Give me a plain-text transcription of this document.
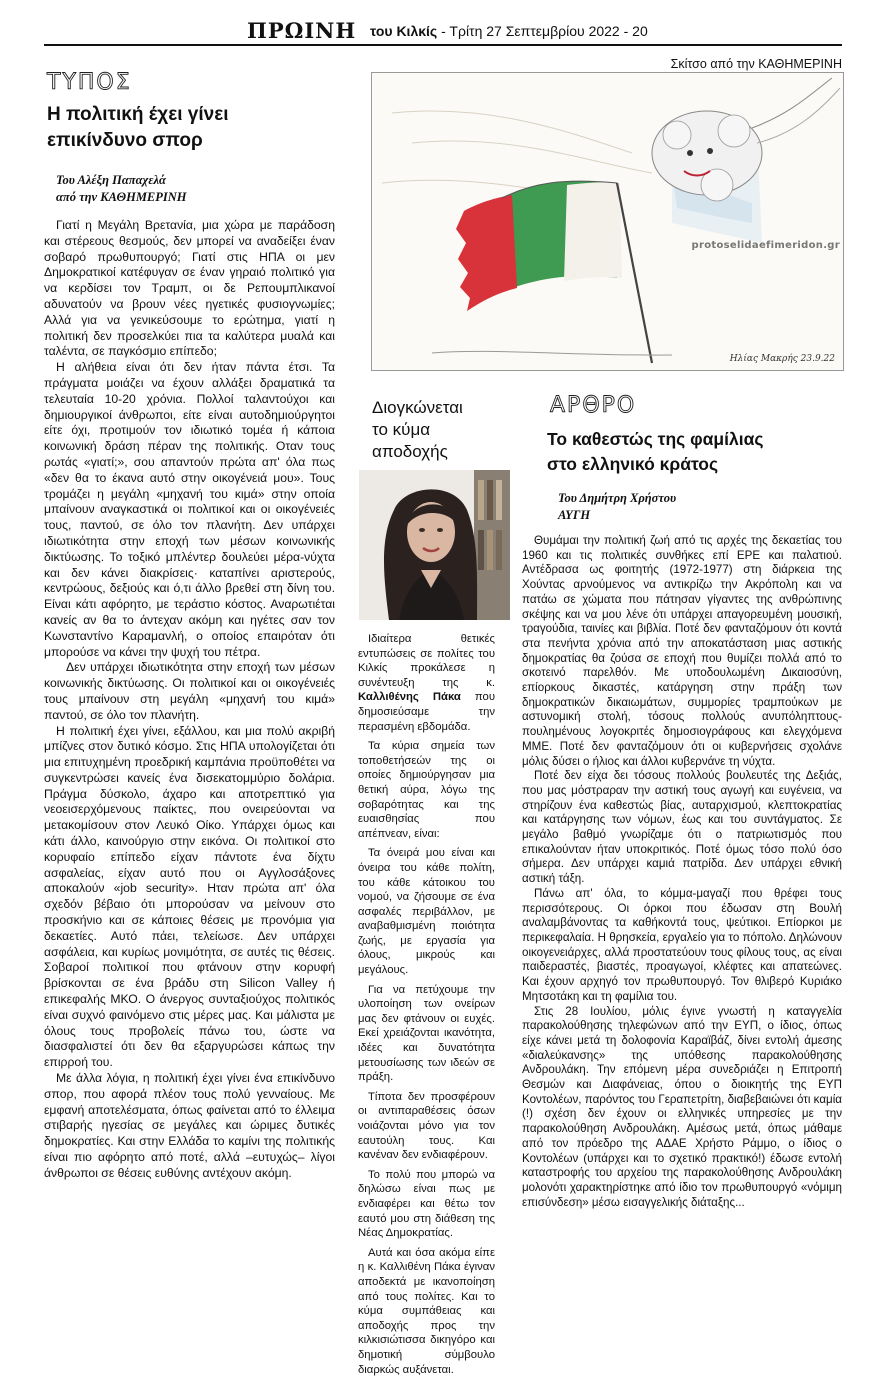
ΠΡΩΙΝΗ του Κιλκίς - Τρίτη 27 Σεπτεμβρίου 2022 - 20
Σκίτσο από την ΚΑΘΗΜΕΡΙΝΗ
ΤΥΠΟΣ
Η πολιτική έχει γίνει
επικίνδυνο σπορ
Του Αλέξη Παπαχελά
από την ΚΑΘΗΜΕΡΙΝΗ

Γιατί η Μεγάλη Βρετανία, μια χώρα με παράδοση και στέρεους θεσμούς, δεν μπορεί να αναδείξει έναν σοβαρό πρωθυπουργό; Γιατί στις ΗΠΑ οι μεν Δημοκρατικοί κατέφυγαν σε έναν γηραιό πολιτικό για να κερδίσει τον Τραμπ, οι δε Ρεπουμπλικανοί αδυνατούν να βρουν νέες ηγετικές φυσιογνωμίες; Αλλά για να γενικεύσουμε το ερώτημα, γιατί η πολιτική δεν προσελκύει πια τα καλύτερα μυαλά και ταλέντα, σε παγκόσμιο επίπεδο;

Η αλήθεια είναι ότι δεν ήταν πάντα έτσι. Τα πράγματα μοιάζει να έχουν αλλάξει δραματικά τα τελευταία 10-20 χρόνια. Πολλοί ταλαντούχοι και δημιουργικοί άνθρωποι, είτε είναι αυτοδημιούργητοι είτε όχι, προτιμούν τον ιδιωτικό τομέα ή κάποια κοινωνική δράση πέραν της πολιτικής. Οταν τους ρωτάς «γιατί;», σου απαντούν πρώτα απ' όλα πως «δεν θα το έκανα αυτό στην οικογένειά μου». Τους τρομάζει η μεγάλη «μηχανή του κιμά» στην οποία μπαίνουν αναγκαστικά οι πολιτικοί και οι οικογένειές τους, παντού, σε όλο τον πλανήτη. Δεν υπάρχει ιδιωτικότητα στην εποχή των μέσων κοινωνικής δικτύωσης. Το τοξικό μπλέντερ δουλεύει μέρα-νύχτα και δεν κάνει διακρίσεις· καταπίνει αριστερούς, κεντρώους, δεξιούς και ό,τι άλλο βρεθεί στη δίνη του. Είναι κάτι αφόρητο, με τεράστιο κόστος. Αναρωτιέται κανείς αν θα το άντεχαν ακόμη και ηγέτες σαν τον Κωνσταντίνο Καραμανλή, ο οποίος επαιρόταν ότι μπορούσε να κάνει την ψυχή του πέτρα.

Δεν υπάρχει ιδιωτικότητα στην εποχή των μέσων κοινωνικής δικτύωσης. Οι πολιτικοί και οι οικογένειές τους μπαίνουν στη μεγάλη «μηχανή του κιμά» παντού, σε όλο τον πλανήτη.

Η πολιτική έχει γίνει, εξάλλου, και μια πολύ ακριβή μπίζνες στον δυτικό κόσμο. Στις ΗΠΑ υπολογίζεται ότι μια επιτυχημένη προεδρική καμπάνια προϋποθέτει να συγκεντρώσει κανείς ένα δισεκατομμύριο δολάρια. Πράγμα δύσκολο, άχαρο και αποτρεπτικό για νεοεισερχόμενους παίκτες, που ονειρεύονται να μετακομίσουν στον Λευκό Οίκο. Υπάρχει όμως και κάτι άλλο, καινούργιο στην εικόνα. Οι πολιτικοί στο κορυφαίο επίπεδο είχαν πάντοτε ένα δίχτυ ασφαλείας, είχαν αυτό που οι Αγγλοσάξονες αποκαλούν «job security». Ηταν πρώτα απ' όλα σχεδόν βέβαιο ότι μπορούσαν να μείνουν στο προσκήνιο και σε κάποιες θέσεις με προνόμια για δεκαετίες. Αυτό πάει, τελείωσε. Δεν υπάρχει ασφάλεια, και κυρίως μονιμότητα, σε αυτές τις θέσεις. Σοβαροί πολιτικοί που φτάνουν στην κορυφή βρίσκονται σε ένα βράδυ στη Silicon Valley ή επικεφαλής ΜΚΟ. Ο άνεργος συνταξιούχος πολιτικός είναι συχνό φαινόμενο στις μέρες μας. Και μάλιστα με όλους τους προβολείς πάνω του, ώστε να διασφαλιστεί ότι δεν θα εξαργυρώσει κάπως την επιρροή του.

Με άλλα λόγια, η πολιτική έχει γίνει ένα επικίνδυνο σπορ, που αφορά πλέον τους πολύ γενναίους. Με εμφανή αποτελέσματα, όπως φαίνεται από το έλλειμα στιβαρής ηγεσίας σε μεγάλες και ώριμες δυτικές δημοκρατίες. Και στην Ελλάδα το καμίνι της πολιτικής είναι πιο αφόρητο από ποτέ, αλλά –ευτυχώς– λίγοι άνθρωποι σε θέσεις ευθύνης αντέχουν ακόμη.

Ηλίας Μακρής 23.9.22
protoselidaefimeridon.gr
Διογκώνεται
το κύμα
αποδοχής

Ιδιαίτερα θετικές εντυπώσεις σε πολίτες του Κιλκίς προκάλεσε η συνέντευξη της κ. Καλλιθένης Πάκα που δημοσιεύσαμε την περασμένη εβδομάδα.

Τα κύρια σημεία των τοποθετήσεών της οι οποίες δημιούργησαν μια θετική αύρα, λόγω της σοβαρότητας και της ευαισθησίας που απέπνεαν, είναι:

Τα όνειρά μου είναι και όνειρα του κάθε πολίτη, του κάθε κάτοικου του νομού, να ζήσουμε σε ένα ασφαλές περιβάλλον, με αναβαθμισμένη ποιότητα ζωής, με εργασία για όλους, μικρούς και μεγάλους.

Για να πετύχουμε την υλοποίηση των ονείρων μας δεν φτάνουν οι ευχές. Εκεί χρειάζονται ικανότητα, ιδέες και δυνατότητα μετουσίωσης των ιδεών σε πράξη.

Τίποτα δεν προσφέρουν οι αντιπαραθέσεις όσων νοιάζονται μόνο για τον εαυτούλη τους. Και κανέναν δεν ενδιαφέρουν.

Το πολύ που μπορώ να δηλώσω είναι πως με ενδιαφέρει και θέτω τον εαυτό μου στη διάθεση της Νέας Δημοκρατίας.

Αυτά και όσα ακόμα είπε η κ. Καλλιθένη Πάκα έγιναν αποδεκτά με ικανοποίηση από τους πολίτες. Και το κύμα συμπάθειας και αποδοχής προς την κιλκισιώτισσα δικηγόρο και δημοτική σύμβουλο διαρκώς αυξάνεται.

ΑΡΘΡΟ
Το καθεστώς της φαμίλιας
στο ελληνικό κράτος
Του Δημήτρη Χρήστου
ΑΥΓΗ

Θυμάμαι την πολιτική ζωή από τις αρχές της δεκαετίας του 1960 και τις πολιτικές συνθήκες επί ΕΡΕ και παλατιού. Αντέδρασα ως φοιτητής (1972-1977) στη διάρκεια της Χούντας αρνούμενος να αντικρίζω την Ακρόπολη και να πατάω σε χώματα που πάτησαν γίγαντες της ανθρώπινης σκέψης και να μου λένε ότι υπάρχει απαγορευμένη μουσική, τραγούδια, ταινίες και βιβλία. Ποτέ δεν φανταζόμουν ότι κοντά στα πενήντα χρόνια από την αποκατάσταση μιας αστικής δημοκρατίας θα ζούσα σε εποχή που θυμίζει πολλά από το σκοτεινό παρελθόν. Με υποδουλωμένη Δικαιοσύνη, επίορκους δικαστές, κατάργηση στην πράξη των δημοκρατικών δικαιωμάτων, συμμορίες τραμπούκων με αστυνομική στολή, τόσους πολλούς ανυπόληπτους-πουλημένους λογοκριτές δημοσιογράφους και ελεγχόμενα ΜΜΕ. Ποτέ δεν φανταζόμουν ότι οι κυβερνήσεις σχολάνε μόλις δύσει ο ήλιος και άλλοι κυβερνάνε τη νύχτα.

Ποτέ δεν είχα δει τόσους πολλούς βουλευτές της Δεξιάς, που μας μόστραραν την αστική τους αγωγή και ευγένεια, να στηρίζουν ένα καθεστώς βίας, αυταρχισμού, κλεπτοκρατίας και κατάργησης των νόμων, έως και του συντάγματος. Σε μεγάλο βαθμό γνωρίζαμε ότι ο πατριωτισμός που επικαλούνταν ήταν υποκριτικός. Ποτέ όμως τόσο πολύ όσο σήμερα. Δεν υπάρχει καμιά πατρίδα. Δεν υπάρχει εθνική αστική τάξη.

Πάνω απ' όλα, το κόμμα-μαγαζί που θρέφει τους περισσότερους. Οι όρκοι που έδωσαν στη Βουλή αναλαμβάνοντας τα καθήκοντά τους, ψεύτικοι. Επίορκοι με περικεφαλαία. Η θρησκεία, εργαλείο για το πόπολο. Δηλώνουν οικογενειάρχες, αλλά προστατεύουν τους φίλους τους, ας είναι παιδεραστές, βιαστές, προαγωγοί, κλέφτες και απατεώνες. Και έχουν αρχηγό τον πρωθυπουργό. Τον θλιβερό Κυριάκο Μητσοτάκη και τη φαμίλια του.

Στις 28 Ιουλίου, μόλις έγινε γνωστή η καταγγελία παρακολούθησης τηλεφώνων από την ΕΥΠ, ο ίδιος, όπως είχε κάνει μετά τη δολοφονία Καραϊβάζ, δίνει εντολή άμεσης «διαλεύκανσης» της υπόθεσης παρακολούθησης Ανδρουλάκη. Την επόμενη μέρα συνεδριάζει η Επιτροπή Θεσμών και Διαφάνειας, όπου ο διοικητής της ΕΥΠ Κοντολέων, παρόντος του Γεραπετρίτη, διαβεβαιώνει ότι καμία (!) σχέση δεν έχουν οι ελληνικές υπηρεσίες με την παρακολούθηση Ανδρουλάκη. Αμέσως μετά, όπως μάθαμε από τον πρόεδρο της ΑΔΑΕ Χρήστο Ράμμο, ο ίδιος ο Κοντολέων (υπάρχει και το σχετικό πρακτικό!) έδωσε εντολή καταστροφής του αρχείου της παρακολούθησης Ανδρουλάκη μολονότι χαρακτηρίστηκε από ίδιο τον πρωθυπουργό «νόμιμη επισύνδεση» μέσω εισαγγελικής διάταξης...
